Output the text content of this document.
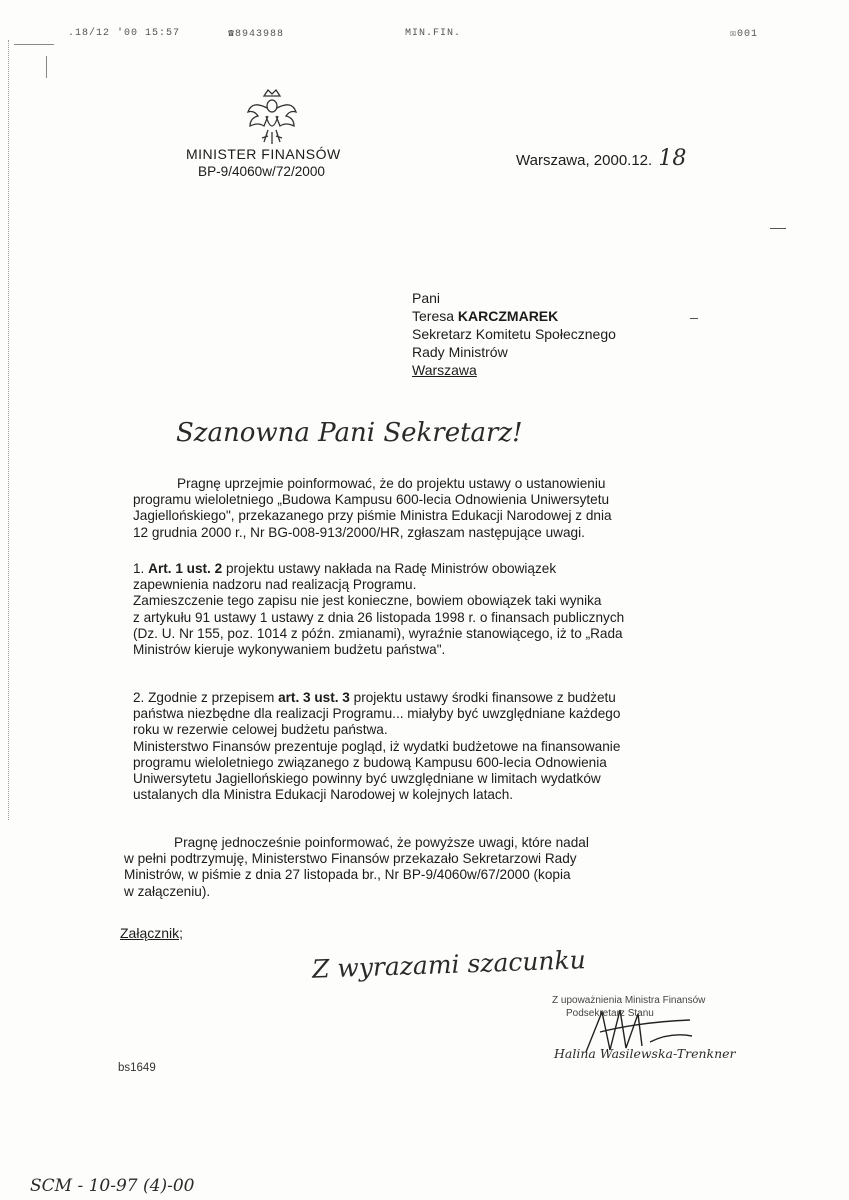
.18/12 '00 15:57	☎8943988	MIN.FIN.	☒001
MINISTER FINANSÓW
BP-9/4060w/72/2000
Warszawa, 2000.12. 18
Pani
Teresa KARCZMAREK
Sekretarz Komitetu Społecznego
Rady Ministrów
Warszawa
Szanowna Pani Sekretarz!
Pragnę uprzejmie poinformować, że do projektu ustawy o ustanowieniu
programu wieloletniego „Budowa Kampusu 600-lecia Odnowienia Uniwersytetu
Jagiellońskiego", przekazanego przy piśmie Ministra Edukacji Narodowej z dnia
12 grudnia 2000 r., Nr BG-008-913/2000/HR, zgłaszam następujące uwagi.
1. Art. 1 ust. 2 projektu ustawy nakłada na Radę Ministrów obowiązek
zapewnienia nadzoru nad realizacją Programu.
Zamieszczenie tego zapisu nie jest konieczne, bowiem obowiązek taki wynika
z artykułu 91 ustawy 1 ustawy z dnia 26 listopada 1998 r. o finansach publicznych
(Dz. U. Nr 155, poz. 1014 z późn. zmianami), wyraźnie stanowiącego, iż to „Rada
Ministrów kieruje wykonywaniem budżetu państwa".
2. Zgodnie z przepisem art. 3 ust. 3 projektu ustawy środki finansowe z budżetu
państwa niezbędne dla realizacji Programu... miałyby być uwzględniane każdego
roku w rezerwie celowej budżetu państwa.
Ministerstwo Finansów prezentuje pogląd, iż wydatki budżetowe na finansowanie
programu wieloletniego związanego z budową Kampusu 600-lecia Odnowienia
Uniwersytetu Jagiellońskiego powinny być uwzględniane w limitach wydatków
ustalanych dla Ministra Edukacji Narodowej w kolejnych latach.
Pragnę jednocześnie poinformować, że powyższe uwagi, które nadal
w pełni podtrzymuję, Ministerstwo Finansów przekazało Sekretarzowi Rady
Ministrów, w piśmie z dnia 27 listopada br., Nr BP-9/4060w/67/2000 (kopia
w załączeniu).
Załącznik;
Z wyrazami szacunku
Z upoważnienia Ministra Finansów
Podsekretarz Stanu
Halina Wasilewska-Trenkner
bs1649
SCM - 10-97 (4)-00
